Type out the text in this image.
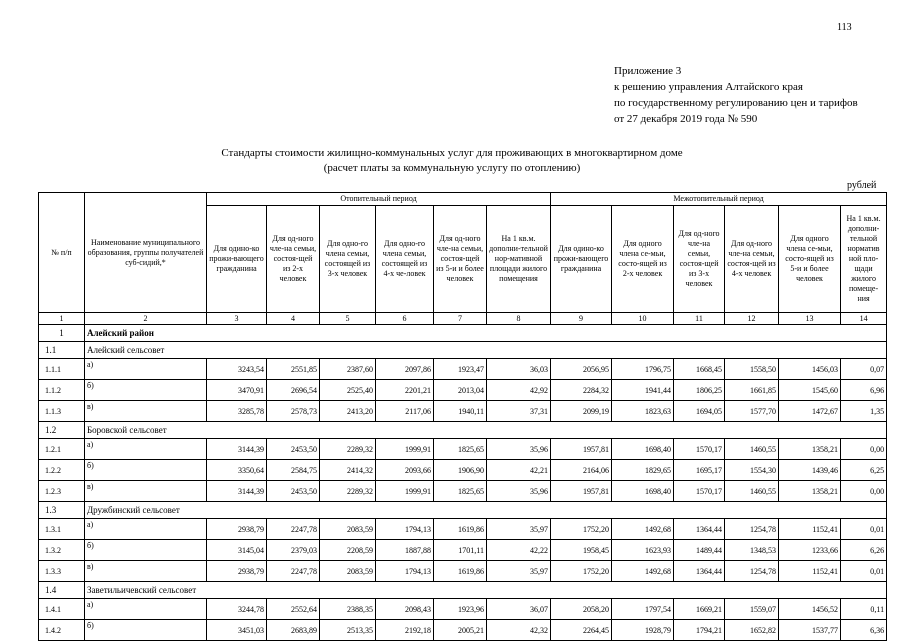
113
Приложение 3
к решению управления Алтайского края
по государственному регулированию цен и тарифов
от 27 декабря 2019 года № 590
Стандарты стоимости жилищно-коммунальных услуг для проживающих в многоквартирном доме
(расчет платы за коммунальную услугу по отоплению)
рублей
№ п/п	Наименование муниципального образования, группы получателей суб-сидий,*	Отопительный период						Межотопительный период					
		Для одино-ко прожи-вающего гражданина	Для од-ного чле-на семьи, состоя-щей из 2-х человек	Для одно-го члена семьи, состоящей из 3-х человек	Для одно-го члена семьи, состоящей из 4-х че-ловек	Для од-ного чле-на семьи, состоя-щей из 5-и и более человек	На 1 кв.м. дополни-тельной нор-мативной площади жилого помещения	Для одино-ко прожи-вающего гражданина	Для одного члена се-мьи, состо-ящей из 2-х человек	Для од-ного чле-на семьи, состоя-щей из 3-х человек	Для од-ного чле-на семьи, состоя-щей из 4-х человек	Для одного члена се-мьи, состо-ящей из 5-и и более человек	На 1 кв.м. дополни-тельной норматив ной пло-щади жилого помеще-ния
1	2	3	4	5	6	7	8	9	10	11	12	13	14
1	Алейский район												
1.1	Алейский сельсовет												
1.1.1	а)	3243,54	2551,85	2387,60	2097,86	1923,47	36,03	2056,95	1796,75	1668,45	1558,50	1456,03	0,07
1.1.2	б)	3470,91	2696,54	2525,40	2201,21	2013,04	42,92	2284,32	1941,44	1806,25	1661,85	1545,60	6,96
1.1.3	в)	3285,78	2578,73	2413,20	2117,06	1940,11	37,31	2099,19	1823,63	1694,05	1577,70	1472,67	1,35
1.2	Боровской сельсовет												
1.2.1	а)	3144,39	2453,50	2289,32	1999,91	1825,65	35,96	1957,81	1698,40	1570,17	1460,55	1358,21	0,00
1.2.2	б)	3350,64	2584,75	2414,32	2093,66	1906,90	42,21	2164,06	1829,65	1695,17	1554,30	1439,46	6,25
1.2.3	в)	3144,39	2453,50	2289,32	1999,91	1825,65	35,96	1957,81	1698,40	1570,17	1460,55	1358,21	0,00
1.3	Дружбинский сельсовет												
1.3.1	а)	2938,79	2247,78	2083,59	1794,13	1619,86	35,97	1752,20	1492,68	1364,44	1254,78	1152,41	0,01
1.3.2	б)	3145,04	2379,03	2208,59	1887,88	1701,11	42,22	1958,45	1623,93	1489,44	1348,53	1233,66	6,26
1.3.3	в)	2938,79	2247,78	2083,59	1794,13	1619,86	35,97	1752,20	1492,68	1364,44	1254,78	1152,41	0,01
1.4	Заветильичевский сельсовет												
1.4.1	а)	3244,78	2552,64	2388,35	2098,43	1923,96	36,07	2058,20	1797,54	1669,21	1559,07	1456,52	0,11
1.4.2	б)	3451,03	2683,89	2513,35	2192,18	2005,21	42,32	2264,45	1928,79	1794,21	1652,82	1537,77	6,36
